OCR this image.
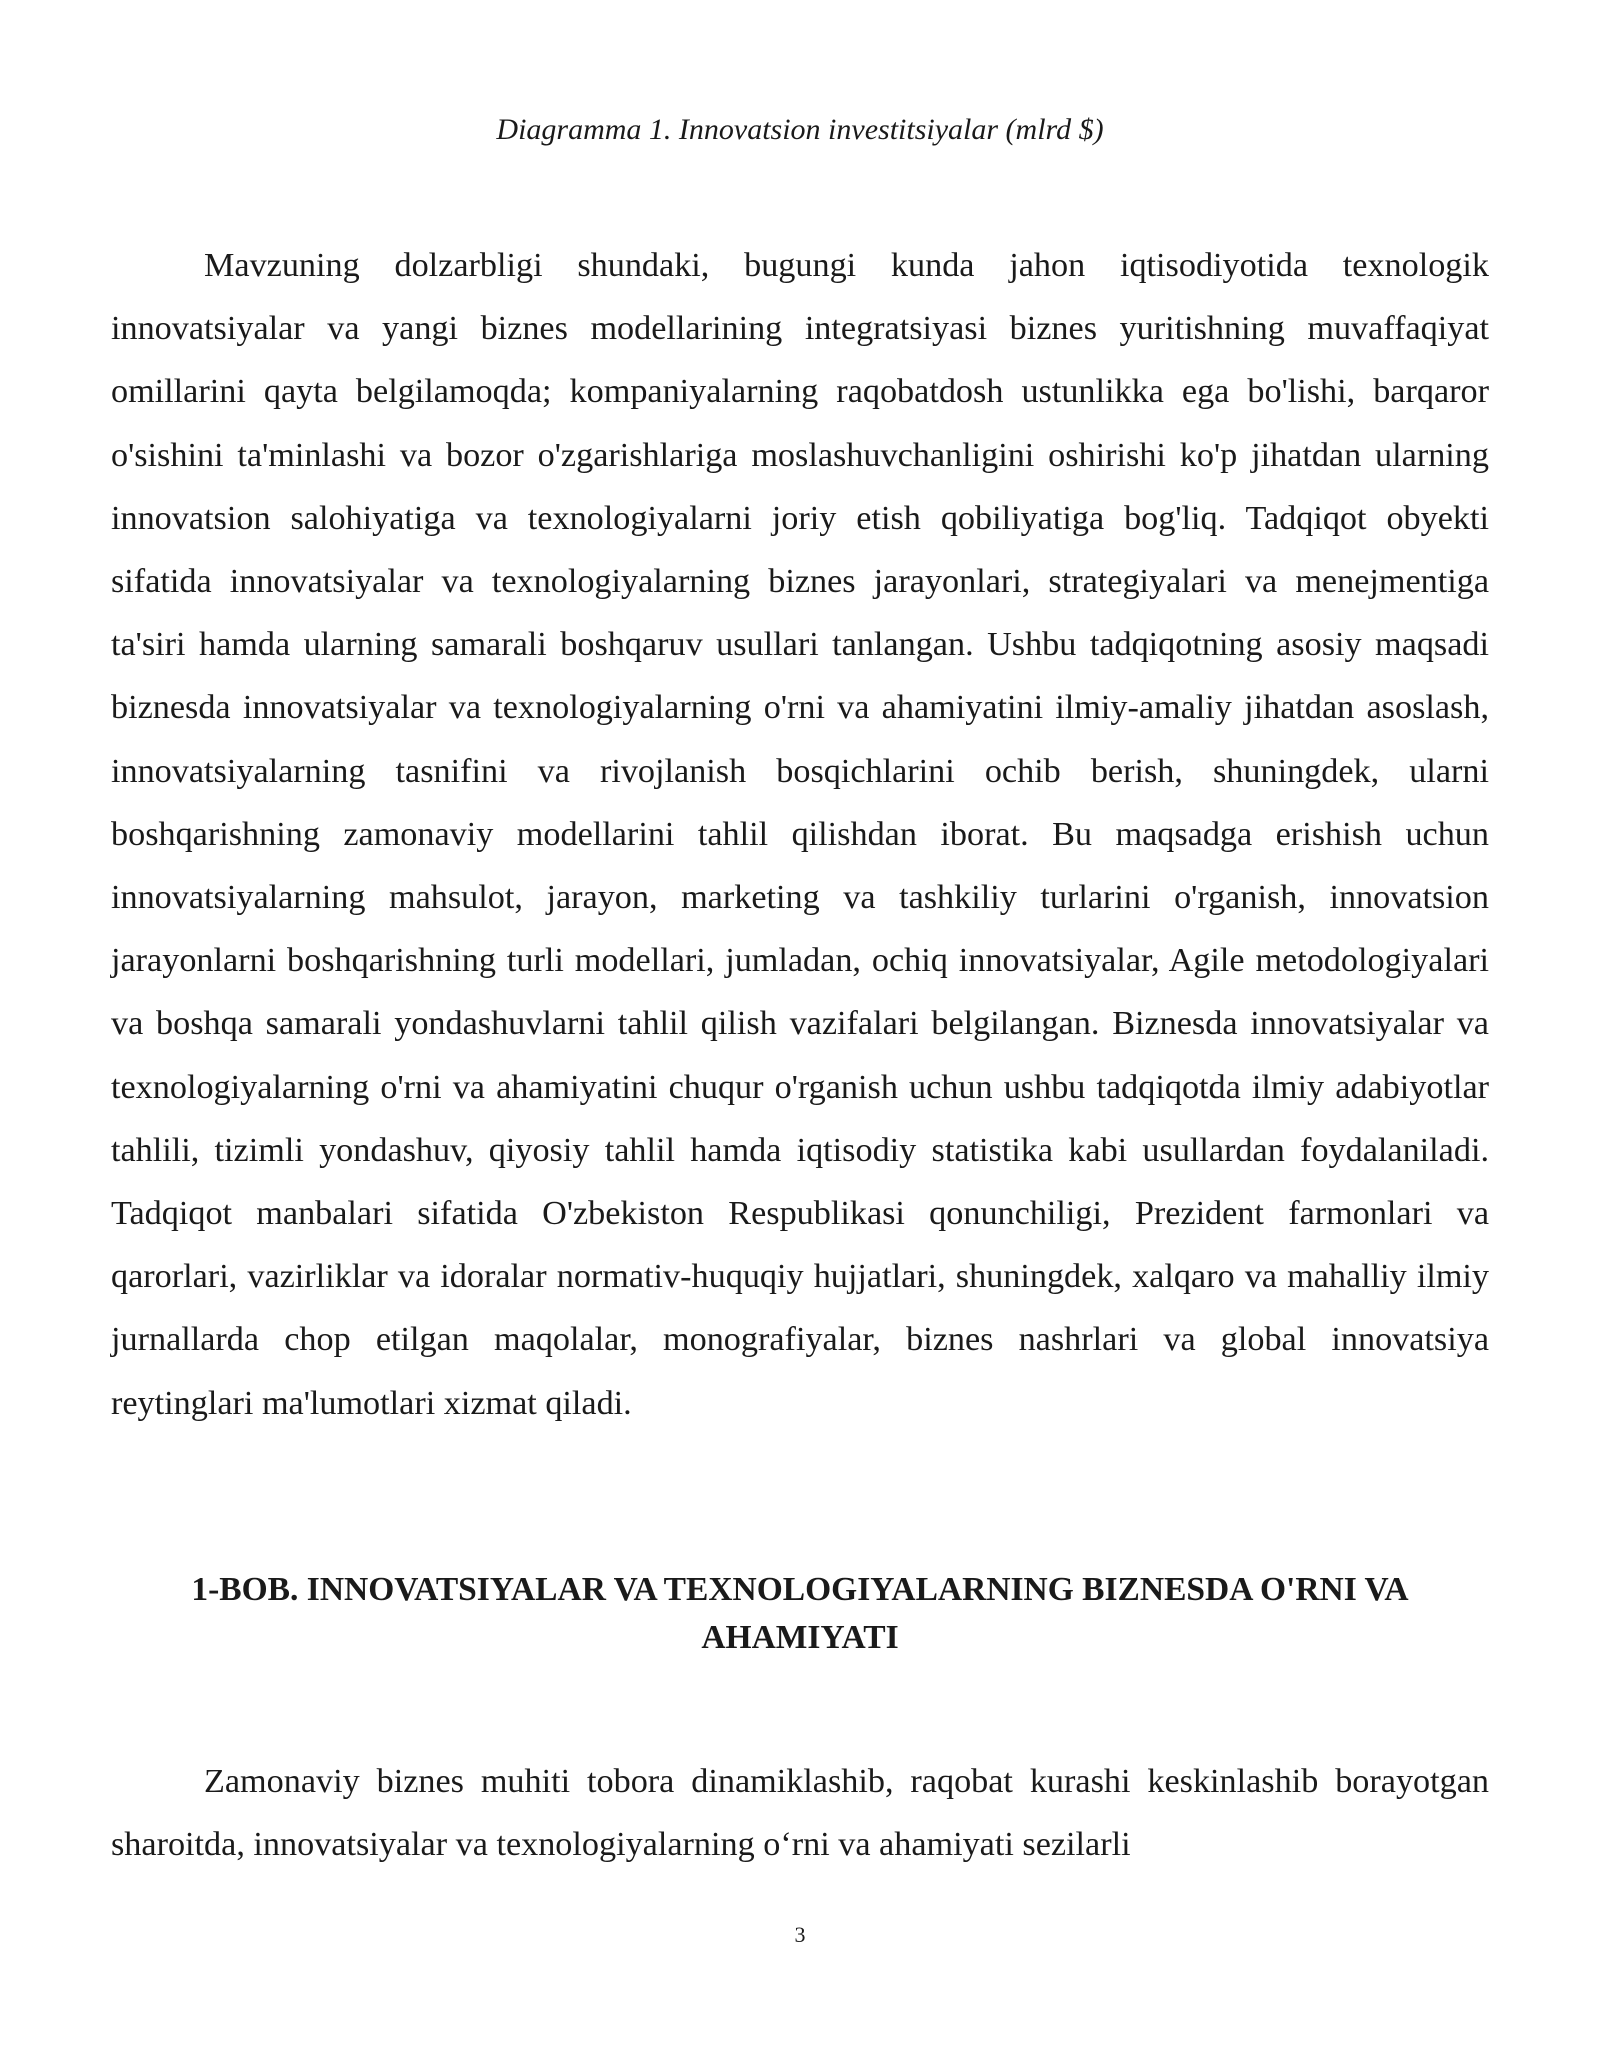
Diagramma 1. Innovatsion investitsiyalar (mlrd $)

Mavzuning dolzarbligi shundaki, bugungi kunda jahon iqtisodiyotida texnologik innovatsiyalar va yangi biznes modellarining integratsiyasi biznes yuritishning muvaffaqiyat omillarini qayta belgilamoqda; kompaniyalarning raqobatdosh ustunlikka ega bo'lishi, barqaror o'sishini ta'minlashi va bozor o'zgarishlariga moslashuvchanligini oshirishi ko'p jihatdan ularning innovatsion salohiyatiga va texnologiyalarni joriy etish qobiliyatiga bog'liq. Tadqiqot obyekti sifatida innovatsiyalar va texnologiyalarning biznes jarayonlari, strategiyalari va menejmentiga ta'siri hamda ularning samarali boshqaruv usullari tanlangan. Ushbu tadqiqotning asosiy maqsadi biznesda innovatsiyalar va texnologiyalarning o'rni va ahamiyatini ilmiy-amaliy jihatdan asoslash, innovatsiyalarning tasnifini va rivojlanish bosqichlarini ochib berish, shuningdek, ularni boshqarishning zamonaviy modellarini tahlil qilishdan iborat. Bu maqsadga erishish uchun innovatsiyalarning mahsulot, jarayon, marketing va tashkiliy turlarini o'rganish, innovatsion jarayonlarni boshqarishning turli modellari, jumladan, ochiq innovatsiyalar, Agile metodologiyalari va boshqa samarali yondashuvlarni tahlil qilish vazifalari belgilangan. Biznesda innovatsiyalar va texnologiyalarning o'rni va ahamiyatini chuqur o'rganish uchun ushbu tadqiqotda ilmiy adabiyotlar tahlili, tizimli yondashuv, qiyosiy tahlil hamda iqtisodiy statistika kabi usullardan foydalaniladi. Tadqiqot manbalari sifatida O'zbekiston Respublikasi qonunchiligi, Prezident farmonlari va qarorlari, vazirliklar va idoralar normativ-huquqiy hujjatlari, shuningdek, xalqaro va mahalliy ilmiy jurnallarda chop etilgan maqolalar, monografiyalar, biznes nashrlari va global innovatsiya reytinglari ma'lumotlari xizmat qiladi.

1-BOB. INNOVATSIYALAR VA TEXNOLOGIYALARNING BIZNESDA O'RNI VA AHAMIYATI

Zamonaviy biznes muhiti tobora dinamiklashib, raqobat kurashi keskinlashib borayotgan sharoitda, innovatsiyalar va texnologiyalarning o‘rni va ahamiyati sezilarli

3
